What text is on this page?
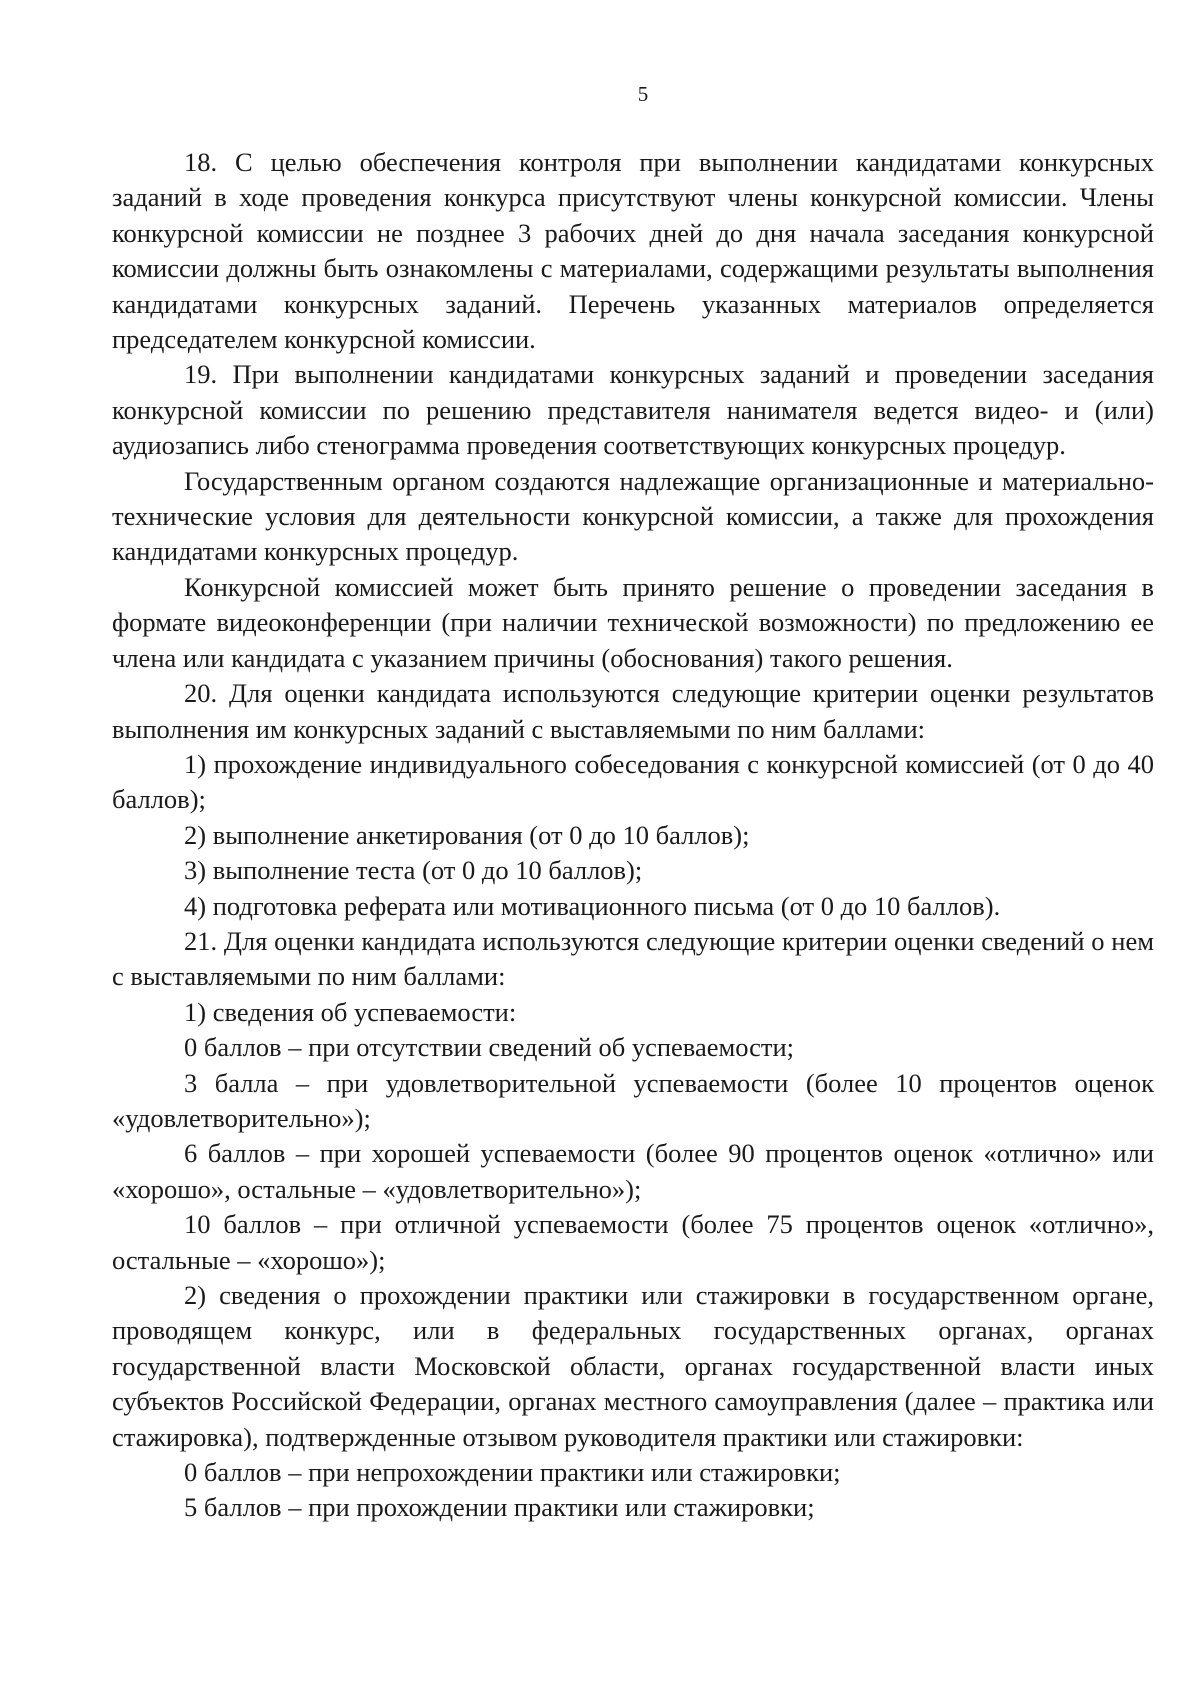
5

18. С целью обеспечения контроля при выполнении кандидатами конкурсных заданий в ходе проведения конкурса присутствуют члены конкурсной комиссии. Члены конкурсной комиссии не позднее 3 рабочих дней до дня начала заседания конкурсной комиссии должны быть ознакомлены с материалами, содержащими результаты выполнения кандидатами конкурсных заданий. Перечень указанных материалов определяется председателем конкурсной комиссии.

19. При выполнении кандидатами конкурсных заданий и проведении заседания конкурсной комиссии по решению представителя нанимателя ведется видео- и (или) аудиозапись либо стенограмма проведения соответствующих конкурсных процедур.

Государственным органом создаются надлежащие организационные и материально-технические условия для деятельности конкурсной комиссии, а также для прохождения кандидатами конкурсных процедур.

Конкурсной комиссией может быть принято решение о проведении заседания в формате видеоконференции (при наличии технической возможности) по предложению ее члена или кандидата с указанием причины (обоснования) такого решения.

20. Для оценки кандидата используются следующие критерии оценки результатов выполнения им конкурсных заданий с выставляемыми по ним баллами:

1) прохождение индивидуального собеседования с конкурсной комиссией (от 0 до 40 баллов);

2) выполнение анкетирования (от 0 до 10 баллов);

3) выполнение теста (от 0 до 10 баллов);

4) подготовка реферата или мотивационного письма (от 0 до 10 баллов).

21. Для оценки кандидата используются следующие критерии оценки сведений о нем с выставляемыми по ним баллами:

1) сведения об успеваемости:

0 баллов – при отсутствии сведений об успеваемости;

3 балла – при удовлетворительной успеваемости (более 10 процентов оценок «удовлетворительно»);

6 баллов – при хорошей успеваемости (более 90 процентов оценок «отлично» или «хорошо», остальные – «удовлетворительно»);

10 баллов – при отличной успеваемости (более 75 процентов оценок «отлично», остальные – «хорошо»);

2) сведения о прохождении практики или стажировки в государственном органе, проводящем конкурс, или в федеральных государственных органах, органах государственной власти Московской области, органах государственной власти иных субъектов Российской Федерации, органах местного самоуправления (далее – практика или стажировка), подтвержденные отзывом руководителя практики или стажировки:

0 баллов – при непрохождении практики или стажировки;

5 баллов – при прохождении практики или стажировки;
